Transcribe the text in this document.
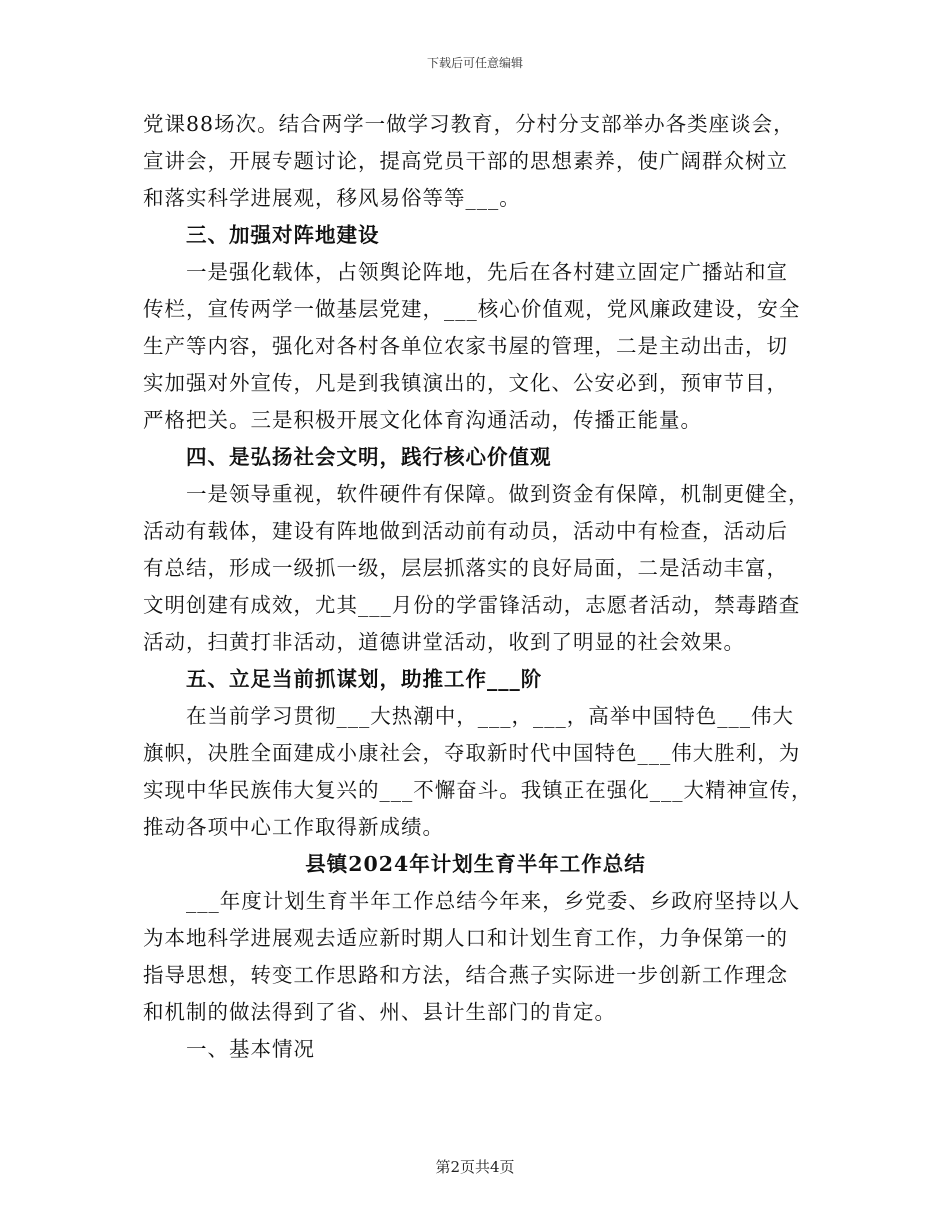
下载后可任意编辑
党课88场次。结合两学一做学习教育，分村分支部举办各类座谈会，
宣讲会，开展专题讨论，提高党员干部的思想素养，使广阔群众树立
和落实科学进展观，移风易俗等等___。
三、加强对阵地建设
一是强化载体，占领舆论阵地，先后在各村建立固定广播站和宣
传栏，宣传两学一做基层党建，___核心价值观，党风廉政建设，安全
生产等内容，强化对各村各单位农家书屋的管理，二是主动出击，切
实加强对外宣传，凡是到我镇演出的，文化、公安必到，预审节目，
严格把关。三是积极开展文化体育沟通活动，传播正能量。
四、是弘扬社会文明，践行核心价值观
一是领导重视，软件硬件有保障。做到资金有保障，机制更健全，
活动有载体，建设有阵地做到活动前有动员，活动中有检查，活动后
有总结，形成一级抓一级，层层抓落实的良好局面，二是活动丰富，
文明创建有成效，尤其___月份的学雷锋活动，志愿者活动，禁毒踏查
活动，扫黄打非活动，道德讲堂活动，收到了明显的社会效果。
五、立足当前抓谋划，助推工作___阶
在当前学习贯彻___大热潮中，___，___，高举中国特色___伟大
旗帜，决胜全面建成小康社会，夺取新时代中国特色___伟大胜利，为
实现中华民族伟大复兴的___不懈奋斗。我镇正在强化___大精神宣传，
推动各项中心工作取得新成绩。
县镇2024年计划生育半年工作总结
___年度计划生育半年工作总结今年来，乡党委、乡政府坚持以人
为本地科学进展观去适应新时期人口和计划生育工作，力争保第一的
指导思想，转变工作思路和方法，结合燕子实际进一步创新工作理念
和机制的做法得到了省、州、县计生部门的肯定。
一、基本情况
第2页共4页
